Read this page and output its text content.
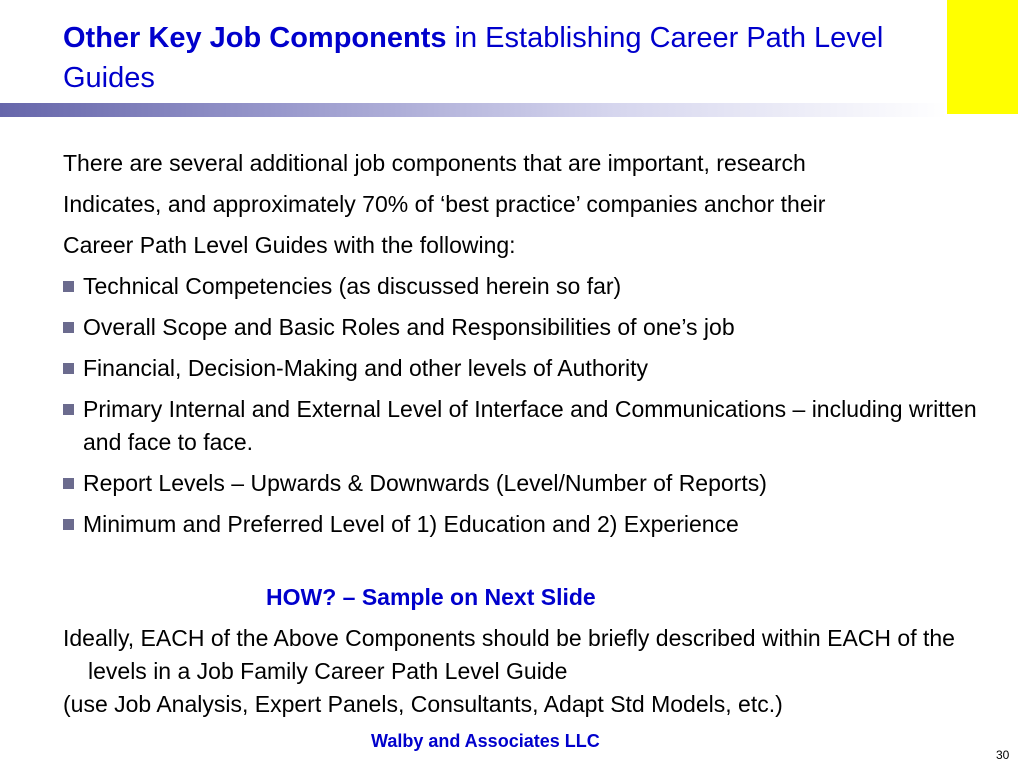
Other Key Job Components in Establishing Career Path Level Guides

There are several additional job components that are important, research

Indicates, and approximately 70% of ‘best practice’ companies anchor their

Career Path Level Guides with the following:

Technical Competencies (as discussed herein so far)
Overall Scope and Basic Roles and Responsibilities of one’s job
Financial, Decision-Making and other levels of Authority
Primary Internal and External Level of Interface and Communications – including written and face to face.
Report Levels – Upwards & Downwards (Level/Number of Reports)
Minimum and Preferred Level of 1) Education and 2) Experience
HOW? – Sample on Next Slide
Ideally, EACH of the Above Components should be briefly described within EACH of the levels in a Job Family Career Path Level Guide
(use Job Analysis, Expert Panels, Consultants, Adapt Std Models, etc.)
Walby and Associates LLC
30
